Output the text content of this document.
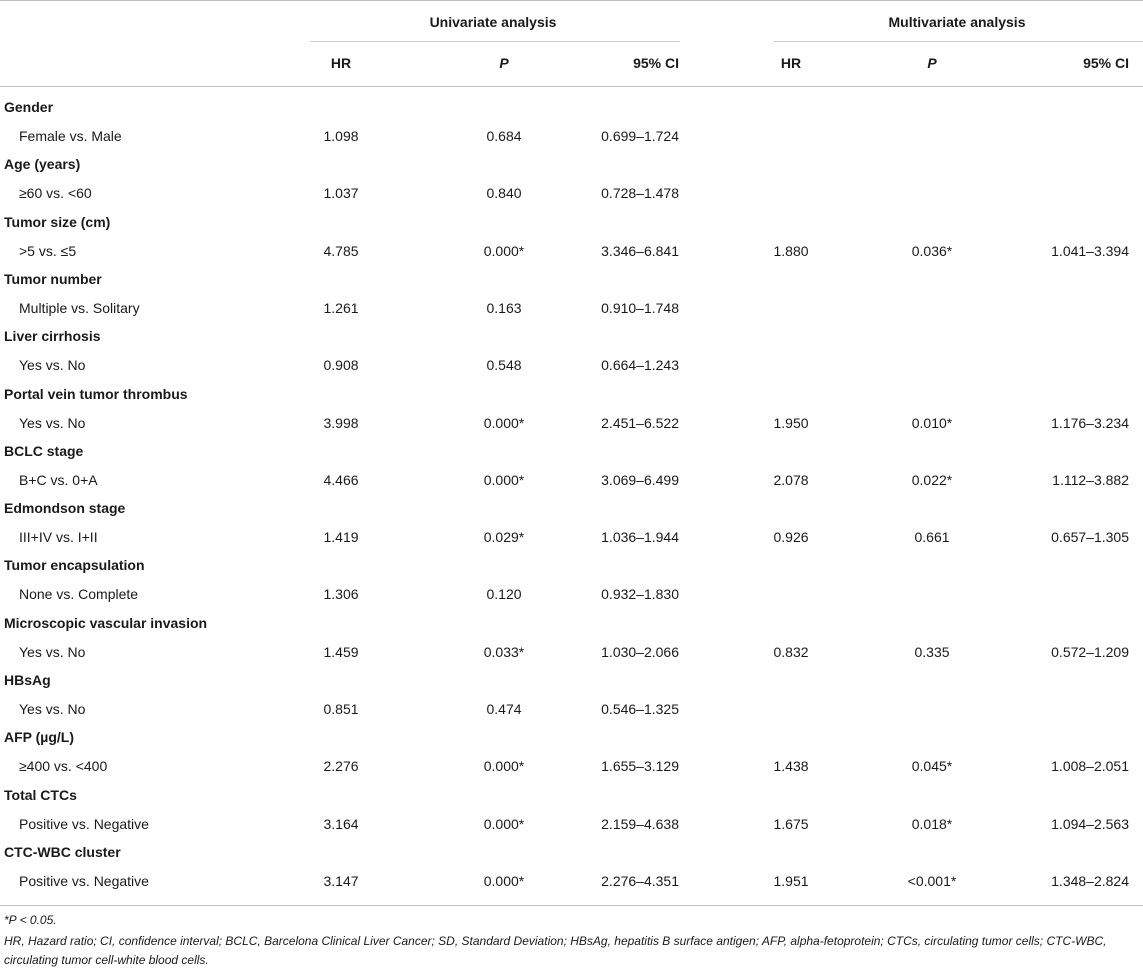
Univariate analysis	Multivariate analysis
HR	P	95% CI	HR	P	95% CI
Gender
Female vs. Male	1.098	0.684	0.699–1.724
Age (years)
≥60 vs. <60	1.037	0.840	0.728–1.478
Tumor size (cm)
>5 vs. ≤5	4.785	0.000*	3.346–6.841	1.880	0.036*	1.041–3.394
Tumor number
Multiple vs. Solitary	1.261	0.163	0.910–1.748
Liver cirrhosis
Yes vs. No	0.908	0.548	0.664–1.243
Portal vein tumor thrombus
Yes vs. No	3.998	0.000*	2.451–6.522	1.950	0.010*	1.176–3.234
BCLC stage
B+C vs. 0+A	4.466	0.000*	3.069–6.499	2.078	0.022*	1.112–3.882
Edmondson stage
III+IV vs. I+II	1.419	0.029*	1.036–1.944	0.926	0.661	0.657–1.305
Tumor encapsulation
None vs. Complete	1.306	0.120	0.932–1.830
Microscopic vascular invasion
Yes vs. No	1.459	0.033*	1.030–2.066	0.832	0.335	0.572–1.209
HBsAg
Yes vs. No	0.851	0.474	0.546–1.325
AFP (µg/L)
≥400 vs. <400	2.276	0.000*	1.655–3.129	1.438	0.045*	1.008–2.051
Total CTCs
Positive vs. Negative	3.164	0.000*	2.159–4.638	1.675	0.018*	1.094–2.563
CTC-WBC cluster
Positive vs. Negative	3.147	0.000*	2.276–4.351	1.951	<0.001*	1.348–2.824
*P < 0.05.
HR, Hazard ratio; CI, confidence interval; BCLC, Barcelona Clinical Liver Cancer; SD, Standard Deviation; HBsAg, hepatitis B surface antigen; AFP, alpha-fetoprotein; CTCs, circulating tumor cells; CTC-WBC, circulating tumor cell-white blood cells.
